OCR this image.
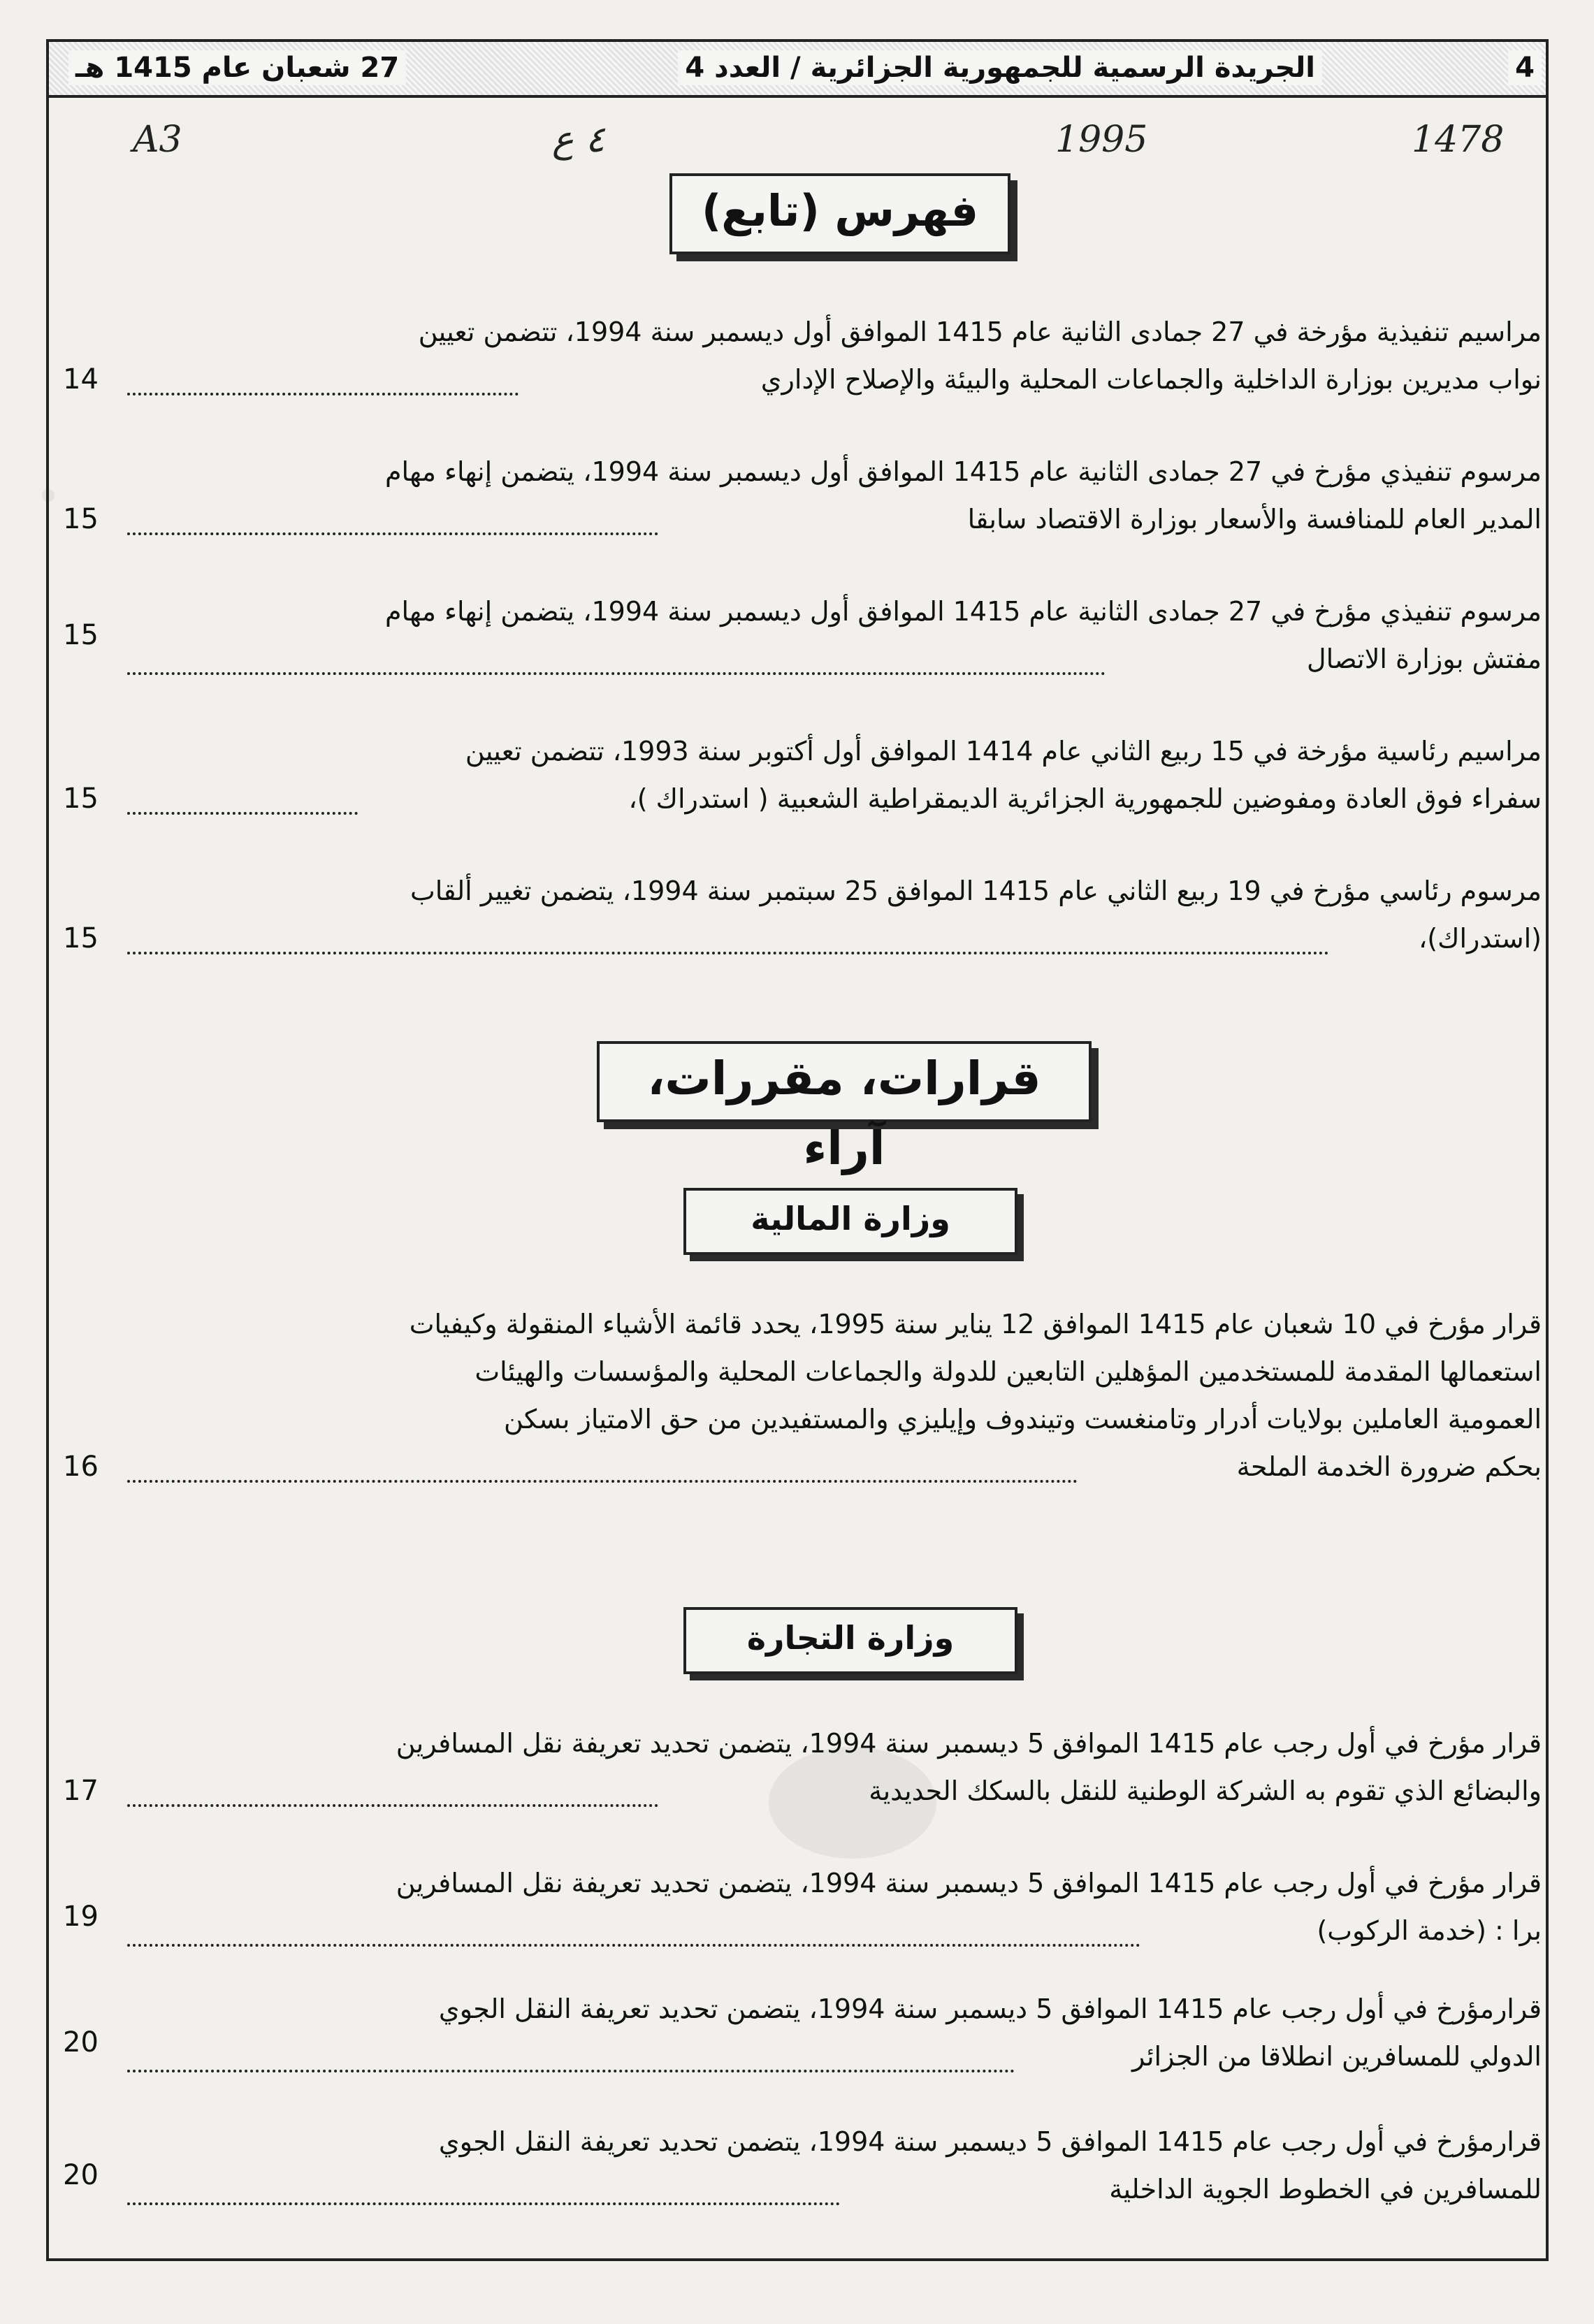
4
الجريدة الرسمية للجمهورية الجزائرية / العدد 4
27 شعبان عام 1415 هـ
A3	٤ ع	1995	1478
فهرس (تابع)
مراسيم تنفيذية مؤرخة في 27 جمادى الثانية عام 1415 الموافق أول ديسمبر سنة 1994، تتضمن تعيين
نواب مديرين بوزارة الداخلية والجماعات المحلية والبيئة والإصلاح الإداري
14
مرسوم تنفيذي مؤرخ في 27 جمادى الثانية عام 1415 الموافق أول ديسمبر سنة 1994، يتضمن إنهاء مهام
المدير العام للمنافسة والأسعار بوزارة الاقتصاد سابقا
15
مرسوم تنفيذي مؤرخ في 27 جمادى الثانية عام 1415 الموافق أول ديسمبر سنة 1994، يتضمن إنهاء مهام
مفتش بوزارة الاتصال
15
مراسيم رئاسية مؤرخة في 15 ربيع الثاني عام 1414 الموافق أول أكتوبر سنة 1993، تتضمن تعيين
سفراء فوق العادة ومفوضين للجمهورية الجزائرية الديمقراطية الشعبية ( استدراك )،
15
مرسوم رئاسي مؤرخ في 19 ربيع الثاني عام 1415 الموافق 25 سبتمبر سنة 1994، يتضمن تغيير ألقاب
(استدراك)،
15
قرارات، مقررات، آراء
وزارة المالية
قرار مؤرخ في 10 شعبان عام 1415 الموافق 12 يناير سنة 1995، يحدد قائمة الأشياء المنقولة وكيفيات
استعمالها المقدمة للمستخدمين المؤهلين التابعين للدولة والجماعات المحلية والمؤسسات والهيئات
العمومية العاملين بولايات أدرار وتامنغست وتيندوف وإيليزي والمستفيدين من حق الامتياز بسكن
بحكم ضرورة الخدمة الملحة
16
وزارة التجارة
قرار مؤرخ في أول رجب عام 1415 الموافق 5 ديسمبر سنة 1994، يتضمن تحديد تعريفة نقل المسافرين
والبضائع الذي تقوم به الشركة الوطنية للنقل بالسكك الحديدية
17
قرار مؤرخ في أول رجب عام 1415 الموافق 5 ديسمبر سنة 1994، يتضمن تحديد تعريفة نقل المسافرين
برا : (خدمة الركوب)
19
قرارمؤرخ في أول رجب عام 1415 الموافق 5 ديسمبر سنة 1994، يتضمن تحديد تعريفة النقل الجوي
الدولي للمسافرين انطلاقا من الجزائر
20
قرارمؤرخ في أول رجب عام 1415 الموافق 5 ديسمبر سنة 1994، يتضمن تحديد تعريفة النقل الجوي
للمسافرين في الخطوط الجوية الداخلية
20
